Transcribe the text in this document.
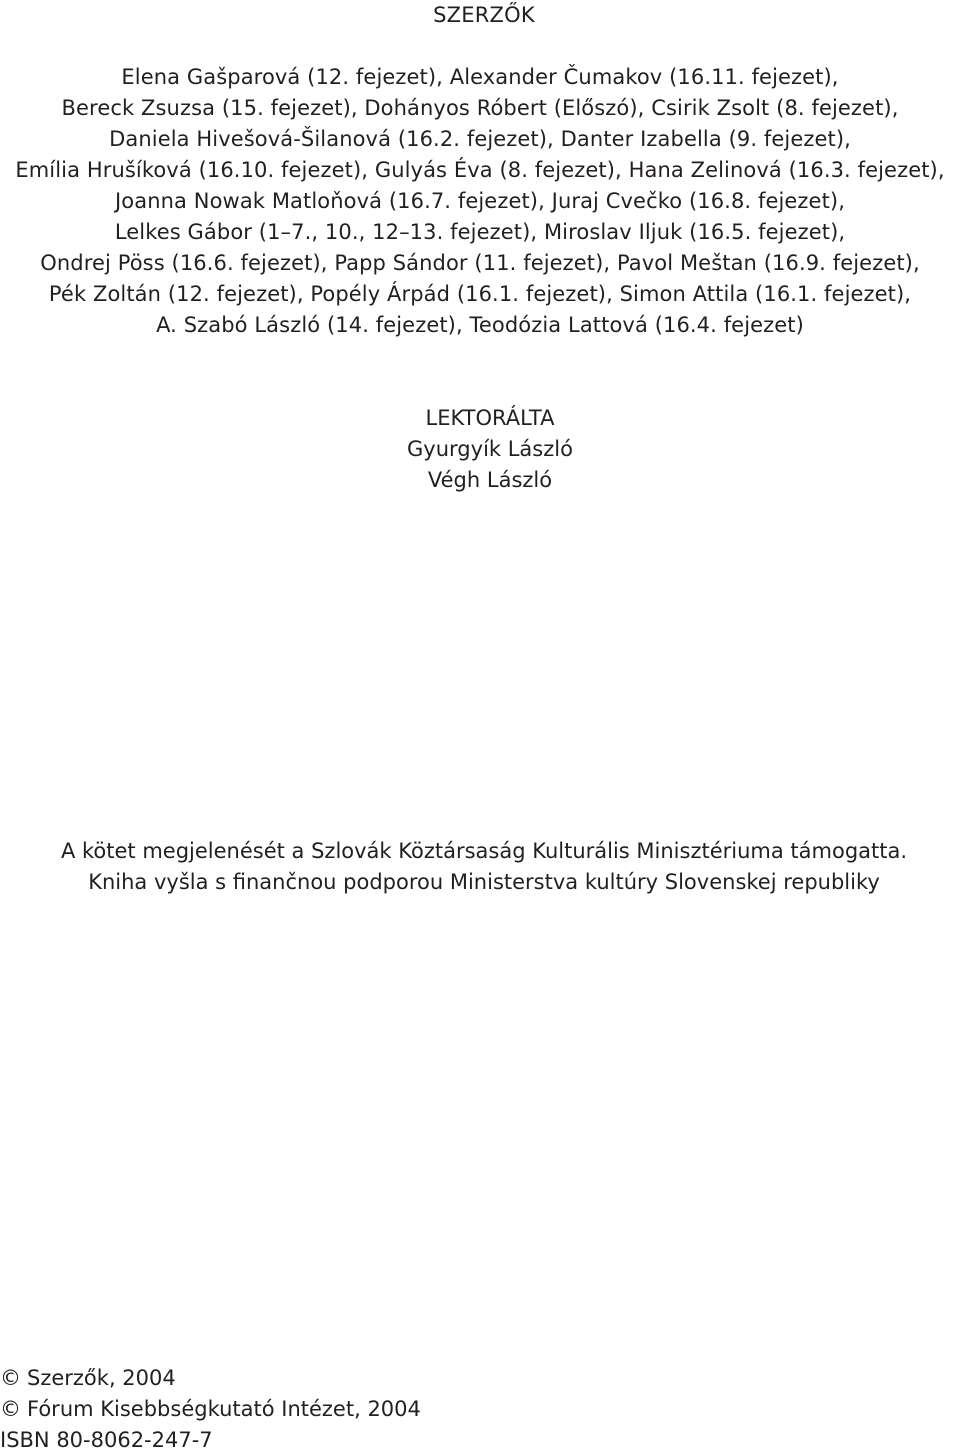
SZERZŐK
Elena Gašparová (12. fejezet), Alexander Čumakov (16.11. fejezet),
Bereck Zsuzsa (15. fejezet), Dohányos Róbert (Előszó), Csirik Zsolt (8. fejezet),
Daniela Hivešová-Šilanová (16.2. fejezet), Danter Izabella (9. fejezet),
Emília Hrušíková (16.10. fejezet), Gulyás Éva (8. fejezet), Hana Zelinová (16.3. fejezet),
Joanna Nowak Matloňová (16.7. fejezet), Juraj Cvečko (16.8. fejezet),
Lelkes Gábor (1–7., 10., 12–13. fejezet), Miroslav Iljuk (16.5. fejezet),
Ondrej Pöss (16.6. fejezet), Papp Sándor (11. fejezet), Pavol Meštan (16.9. fejezet),
Pék Zoltán (12. fejezet), Popély Árpád (16.1. fejezet), Simon Attila (16.1. fejezet),
A. Szabó László (14. fejezet), Teodózia Lattová (16.4. fejezet)
LEKTORÁLTA
Gyurgyík László
Végh László
A kötet megjelenését a Szlovák Köztársaság Kulturális Minisztériuma támogatta.
Kniha vyšla s finančnou podporou Ministerstva kultúry Slovenskej republiky
© Szerzők, 2004
© Fórum Kisebbségkutató Intézet, 2004
ISBN 80-8062-247-7
